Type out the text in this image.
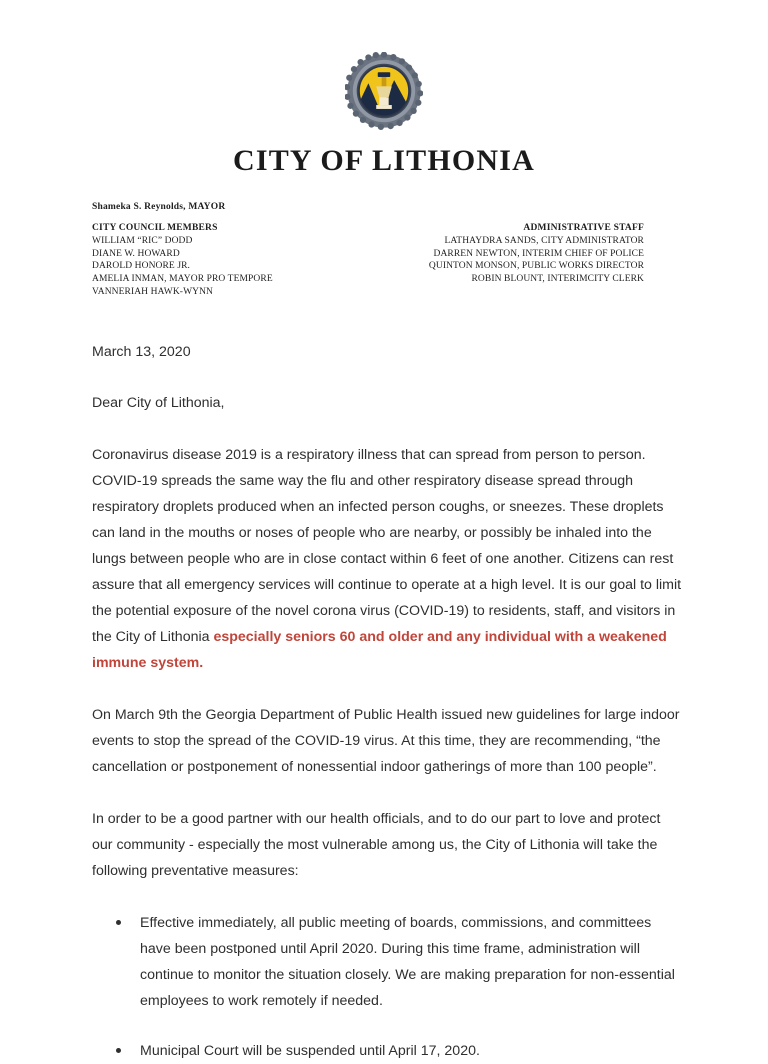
CITY OF LITHONIA
Shameka S. Reynolds, MAYOR
CITY COUNCIL MEMBERS
WILLIAM “RIC” DODD
DIANE W. HOWARD
DAROLD HONORE JR.
AMELIA INMAN, MAYOR PRO TEMPORE
VANNERIAH HAWK-WYNN
ADMINISTRATIVE STAFF
LATHAYDRA SANDS, CITY ADMINISTRATOR
DARREN NEWTON, INTERIM CHIEF OF POLICE
QUINTON MONSON, PUBLIC WORKS DIRECTOR
ROBIN BLOUNT, INTERIMCITY CLERK

March 13, 2020

Dear City of Lithonia,

Coronavirus disease 2019 is a respiratory illness that can spread from person to person. COVID-19 spreads the same way the flu and other respiratory disease spread through respiratory droplets produced when an infected person coughs, or sneezes. These droplets can land in the mouths or noses of people who are nearby, or possibly be inhaled into the lungs between people who are in close contact within 6 feet of one another. Citizens can rest assure that all emergency services will continue to operate at a high level. It is our goal to limit the potential exposure of the novel corona virus (COVID-19) to residents, staff, and visitors in the City of Lithonia especially seniors 60 and older and any individual with a weakened immune system.

On March 9th the Georgia Department of Public Health issued new guidelines for large indoor events to stop the spread of the COVID-19 virus. At this time, they are recommending, “the cancellation or postponement of nonessential indoor gatherings of more than 100 people”.

In order to be a good partner with our health officials, and to do our part to love and protect our community - especially the most vulnerable among us, the City of Lithonia will take the following preventative measures:

Effective immediately, all public meeting of boards, commissions, and committees have been postponed until April 2020. During this time frame, administration will continue to monitor the situation closely. We are making preparation for non-essential employees to work remotely if needed.
Municipal Court will be suspended until April 17, 2020.
